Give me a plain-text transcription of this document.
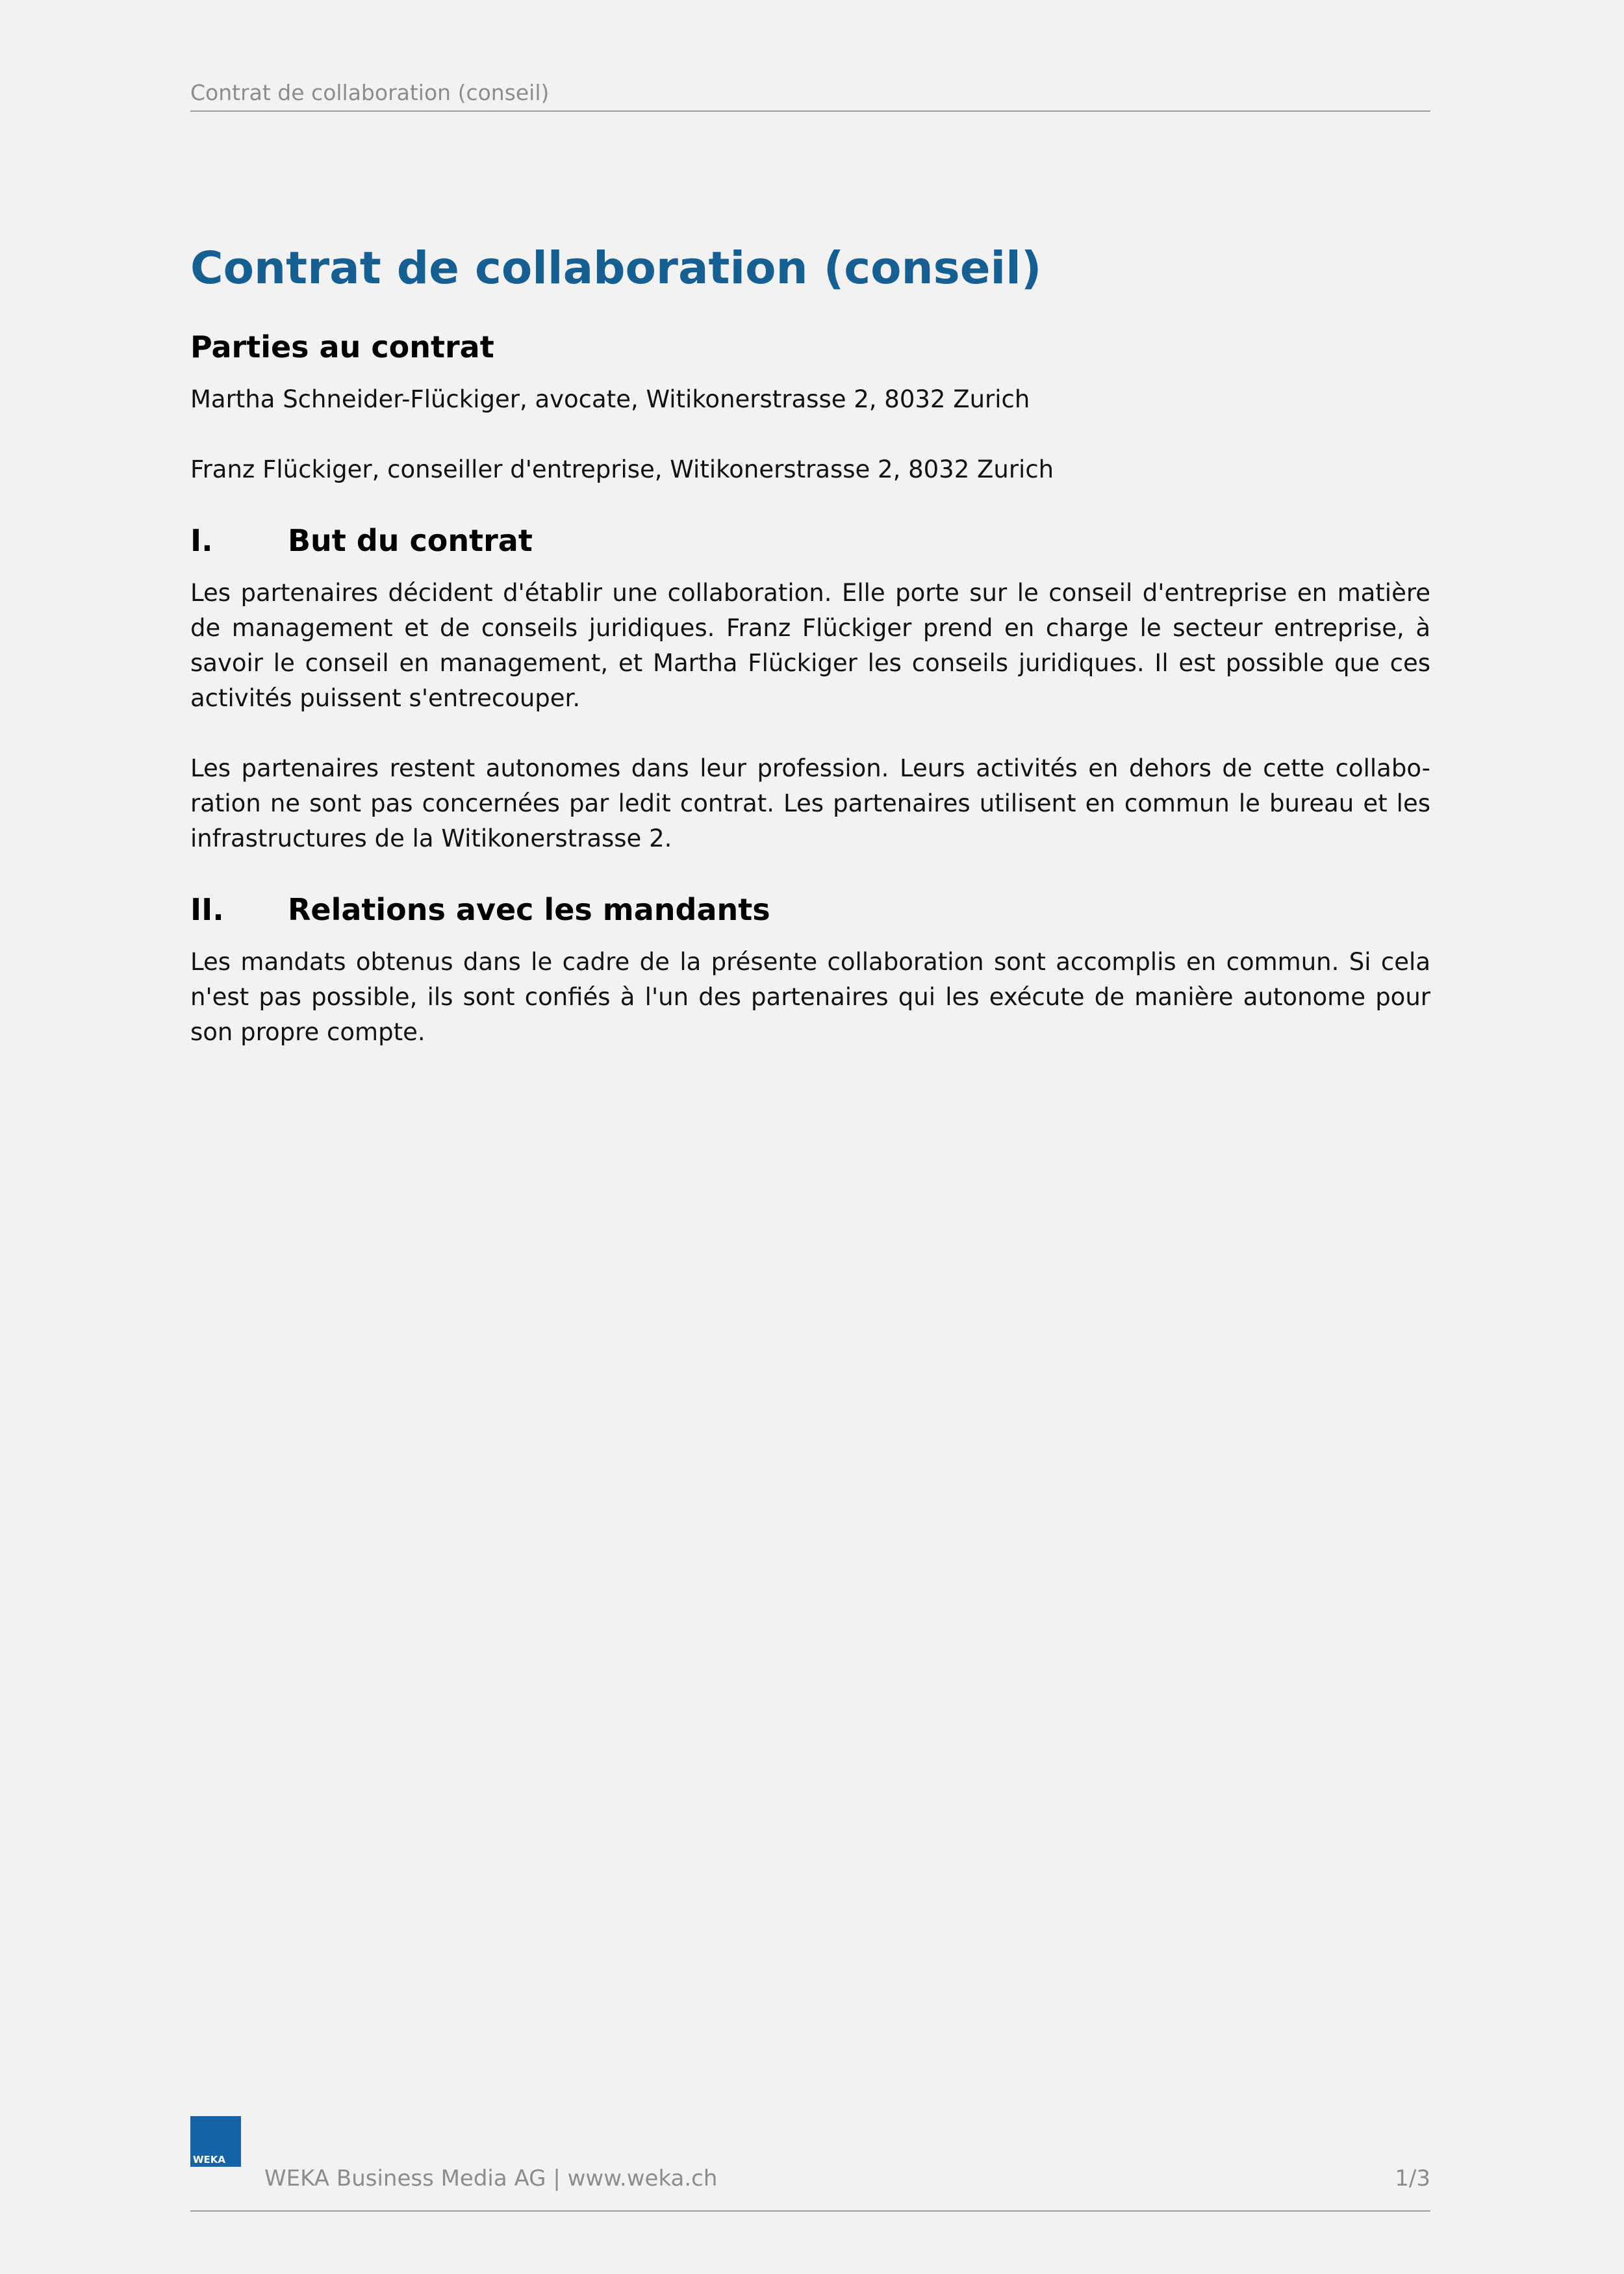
Contrat de collaboration (conseil)
Contrat de collaboration (conseil)
Parties au contrat

Martha Schneider-Flückiger, avocate, Witikonerstrasse 2, 8032 Zurich

Franz Flückiger, conseiller d'entreprise, Witikonerstrasse 2, 8032 Zurich

I.	But du contrat

Les partenaires décident d'établir une collaboration. Elle porte sur le conseil d'entreprise en matière de management et de conseils juridiques. Franz Flückiger prend en charge le secteur entreprise, à savoir le conseil en management, et Martha Flückiger les conseils juridiques. Il est possible que ces activités puissent s'entrecouper.

Les partenaires restent autonomes dans leur profession. Leurs activités en dehors de cette collabo-ration ne sont pas concernées par ledit contrat. Les partenaires utilisent en commun le bureau et les infrastructures de la Witikonerstrasse 2.

II. Relations avec les mandants

Les mandats obtenus dans le cadre de la présente collaboration sont accomplis en commun. Si cela n'est pas possible, ils sont confiés à l'un des partenaires qui les exécute de manière autonome pour son propre compte.

WEKA
WEKA Business Media AG | www.weka.ch	1/3
